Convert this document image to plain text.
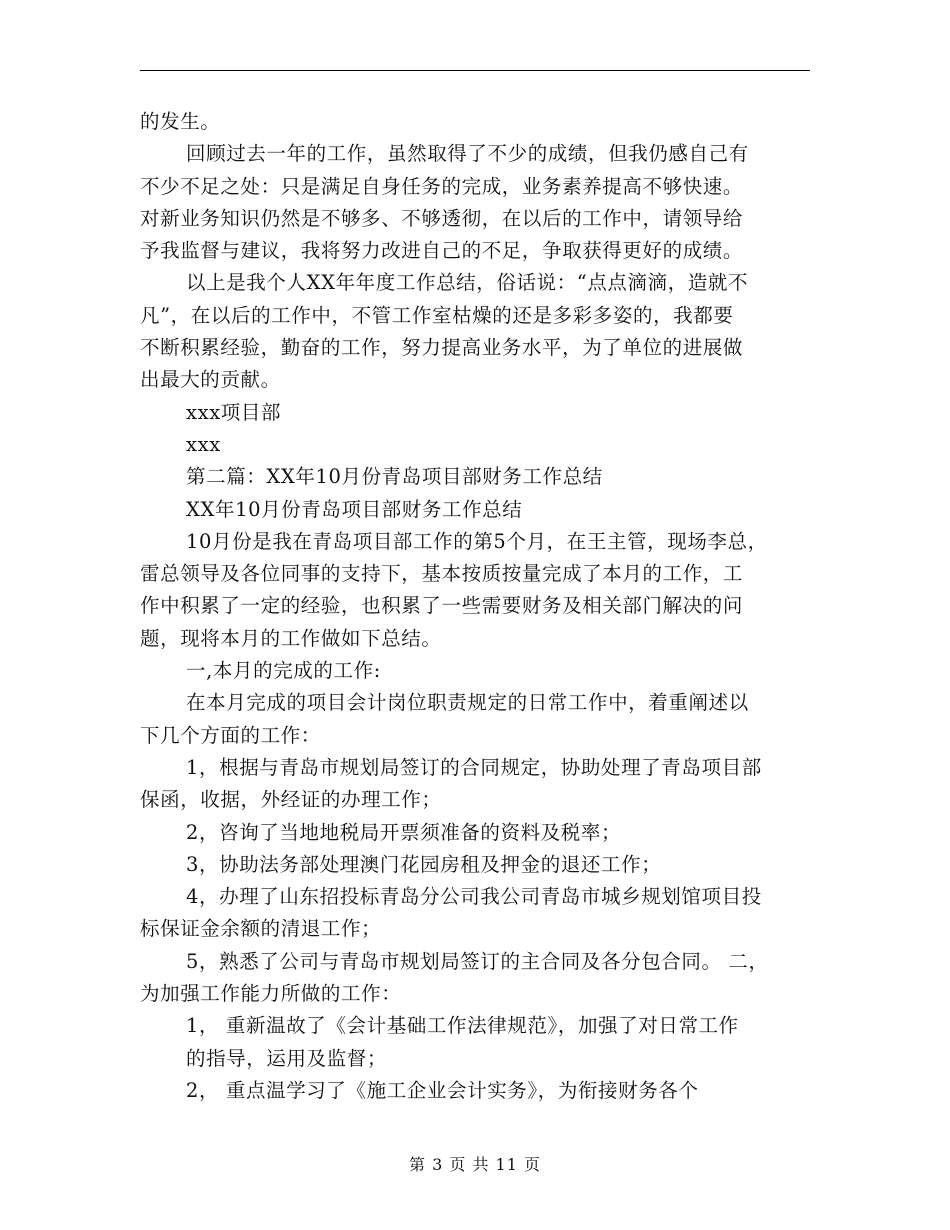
的发生。
回顾过去一年的工作，虽然取得了不少的成绩，但我仍感自己有
不少不足之处：只是满足自身任务的完成，业务素养提高不够快速。
对新业务知识仍然是不够多、不够透彻，在以后的工作中，请领导给
予我监督与建议，我将努力改进自己的不足，争取获得更好的成绩。
以上是我个人XX年年度工作总结，俗话说：“点点滴滴，造就不
凡”，在以后的工作中，不管工作室枯燥的还是多彩多姿的，我都要
不断积累经验，勤奋的工作，努力提高业务水平，为了单位的进展做
出最大的贡献。
xxx项目部
xxx
第二篇：XX年10月份青岛项目部财务工作总结
XX年10月份青岛项目部财务工作总结
10月份是我在青岛项目部工作的第5个月，在王主管，现场李总，
雷总领导及各位同事的支持下，基本按质按量完成了本月的工作，工
作中积累了一定的经验，也积累了一些需要财务及相关部门解决的问
题，现将本月的工作做如下总结。
一,本月的完成的工作:
在本月完成的项目会计岗位职责规定的日常工作中，着重阐述以
下几个方面的工作：
1，根据与青岛市规划局签订的合同规定，协助处理了青岛项目部
保函，收据，外经证的办理工作；
2，咨询了当地地税局开票须准备的资料及税率；
3，协助法务部处理澳门花园房租及押金的退还工作；
4，办理了山东招投标青岛分公司我公司青岛市城乡规划馆项目投
标保证金余额的清退工作；
5，熟悉了公司与青岛市规划局签订的主合同及各分包合同。 二，
为加强工作能力所做的工作：
1， 重新温故了《会计基础工作法律规范》，加强了对日常工作
的指导，运用及监督；
2， 重点温学习了《施工企业会计实务》，为衔接财务各个
第 3 页 共 11 页
